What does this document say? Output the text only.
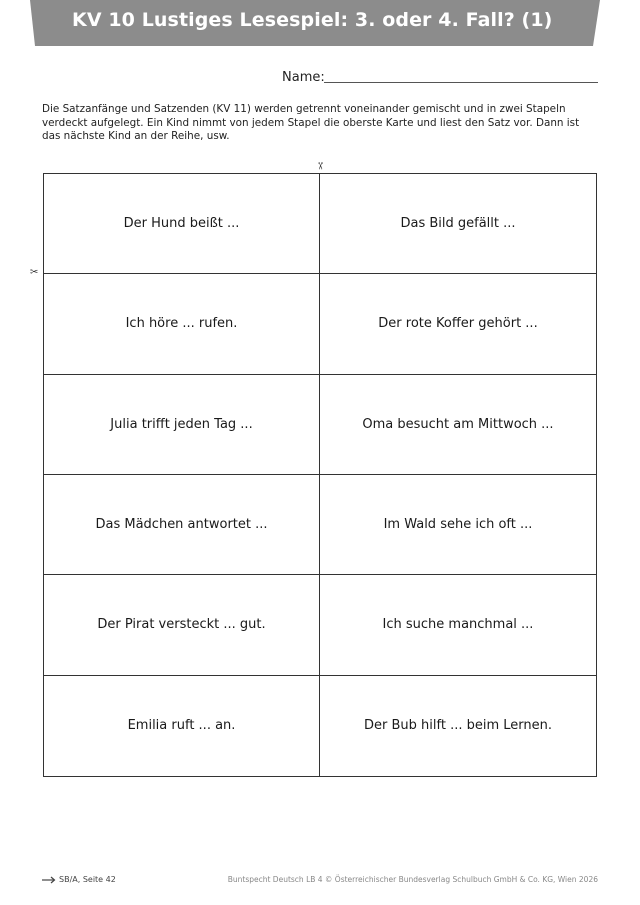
KV 10 Lustiges Lesespiel: 3. oder 4. Fall? (1)
Name:
Die Satzanfänge und Satzenden (KV 11) werden getrennt voneinander gemischt und in zwei Stapeln verdeckt aufgelegt. Ein Kind nimmt von jedem Stapel die oberste Karte und liest den Satz vor. Dann ist das nächste Kind an der Reihe, usw.
✂
✂
Der Hund beißt ...	Das Bild gefällt ...
Ich höre ... rufen.	Der rote Koffer gehört ...
Julia trifft jeden Tag ...	Oma besucht am Mittwoch ...
Das Mädchen antwortet ...	Im Wald sehe ich oft ...
Der Pirat versteckt ... gut.	Ich suche manchmal ...
Emilia ruft ... an.	Der Bub hilft ... beim Lernen.
SB/A, Seite 42	Buntspecht Deutsch LB 4 © Österreichischer Bundesverlag Schulbuch GmbH & Co. KG, Wien 2026
